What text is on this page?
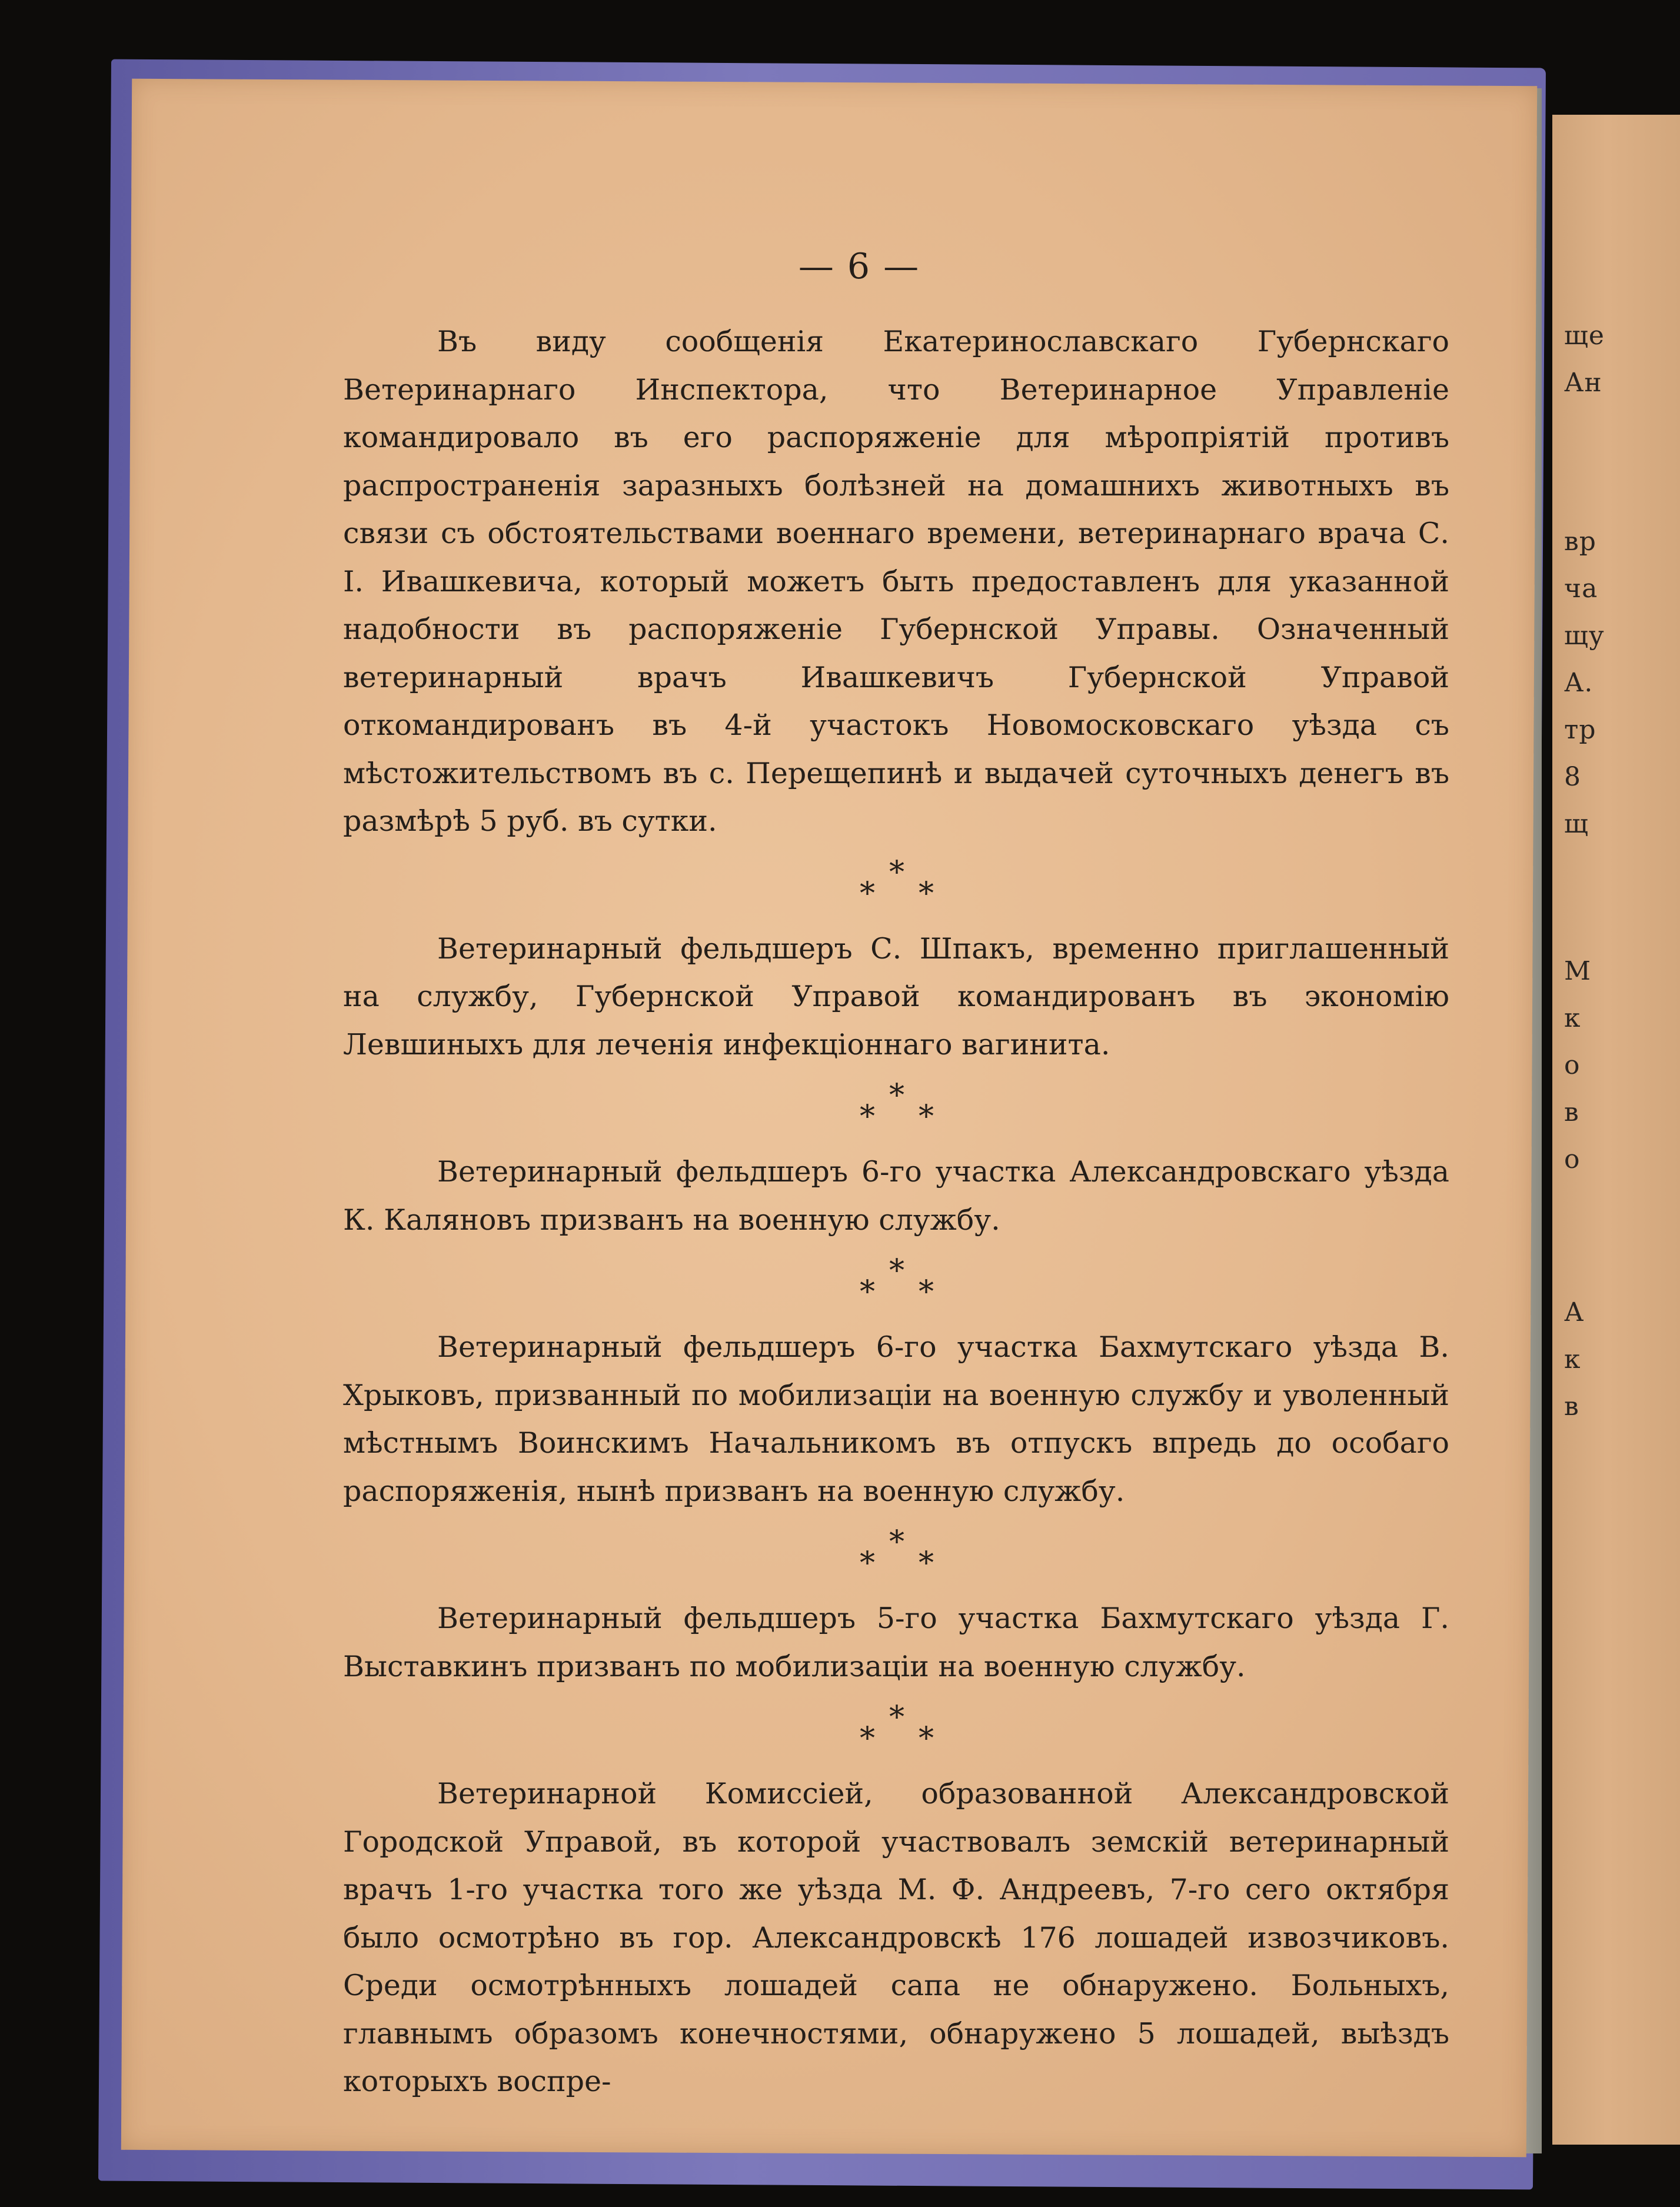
ще
Ан
вр
ча
щу
А.
тр
8
щ
М
к
о
в
о
А
к
в
— 6 —

Въ виду сообщенія Екатеринославскаго Губернскаго Ветеринарнаго Инспектора, что Ветеринарное Управленіе командировало въ его распоряженіе для мѣропріятій противъ распространенія заразныхъ болѣзней на домашнихъ животныхъ въ связи съ обстоятельствами военнаго времени, ветеринарнаго врача С. І. Ивашкевича, который можетъ быть предоставленъ для указанной надобности въ распоряженіе Губернской Управы. Означенный ветеринарный врачъ Ивашкевичъ Губернской Управой откомандированъ въ 4-й участокъ Новомосковскаго уѣзда съ мѣстожительствомъ въ с. Перещепинѣ и выдачей суточныхъ денегъ въ размѣрѣ 5 руб. въ сутки.

*
* *

Ветеринарный фельдшеръ С. Шпакъ, временно приглашенный на службу, Губернской Управой командированъ въ экономію Левшиныхъ для леченія инфекціоннаго вагинита.

*
* *

Ветеринарный фельдшеръ 6-го участка Александровскаго уѣзда К. Каляновъ призванъ на военную службу.

*
* *

Ветеринарный фельдшеръ 6-го участка Бахмутскаго уѣзда В. Хрыковъ, призванный по мобилизаціи на военную службу и уволенный мѣстнымъ Воинскимъ Начальникомъ въ отпускъ впредь до особаго распоряженія, нынѣ призванъ на военную службу.

*
* *

Ветеринарный фельдшеръ 5-го участка Бахмутскаго уѣзда Г. Выставкинъ призванъ по мобилизаціи на военную службу.

*
* *

Ветеринарной Комиссіей, образованной Александровской Городской Управой, въ которой участвовалъ земскій ветеринарный врачъ 1-го участка того же уѣзда М. Ф. Андреевъ, 7-го сего октября было осмотрѣно въ гор. Александровскѣ 176 лошадей извозчиковъ. Среди осмотрѣнныхъ лошадей сапа не обнаружено. Больныхъ, главнымъ образомъ конечностями, обнаружено 5 лошадей, выѣздъ которыхъ воспре-
